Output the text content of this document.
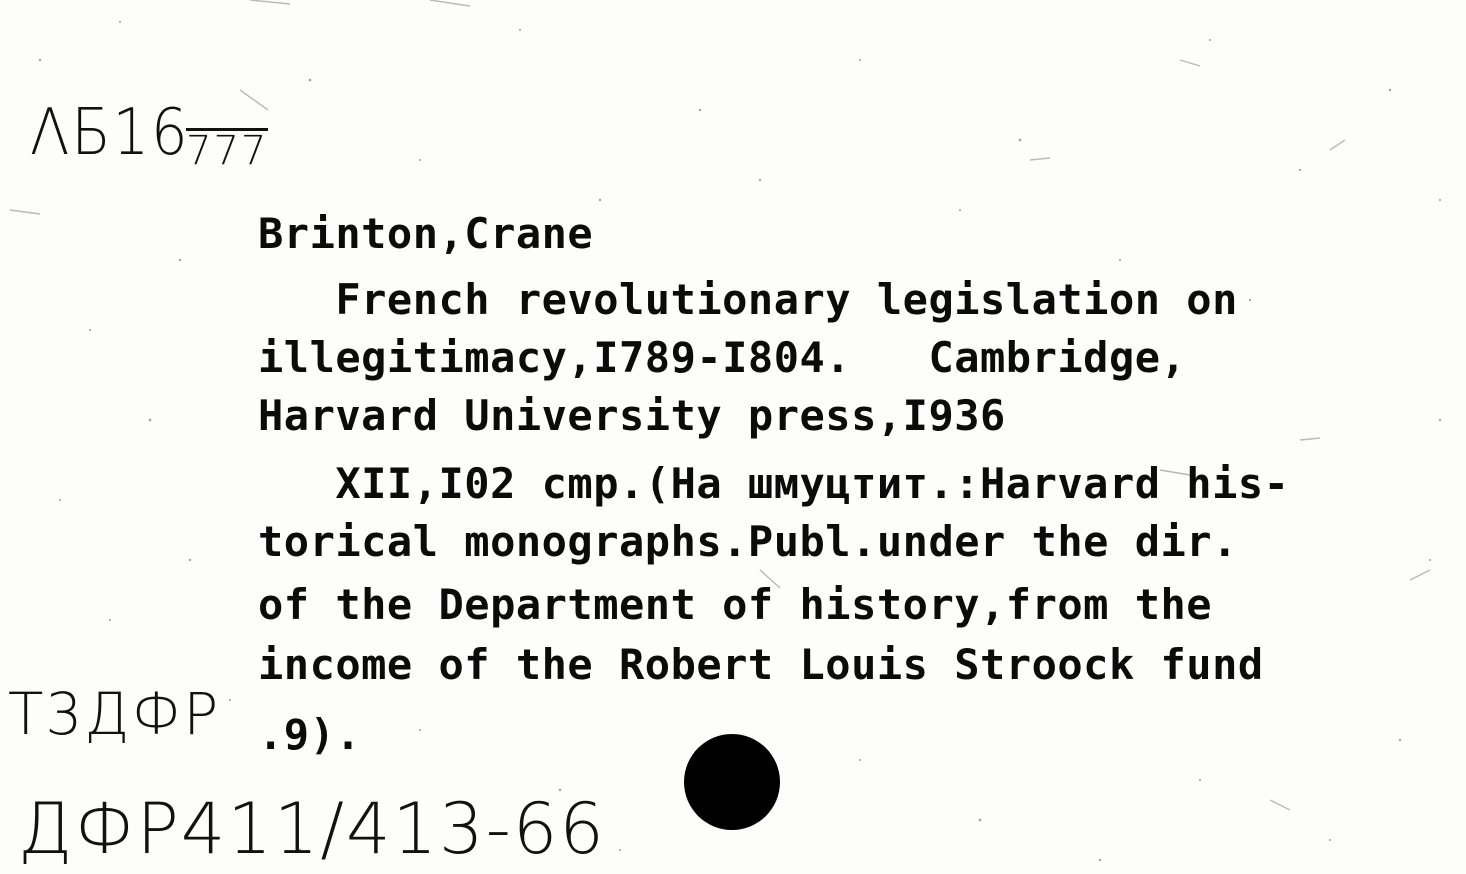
ΛБ16
777
Brinton,Crane
French revolutionary legislation on
illegitimacy,I789-I804.   Cambridge,
Harvard University press,I936
XII,I02 cmp.(На шмуцтит.:Harvard his-
torical monographs.Publ.under the dir.
of the Department of history,from the
income of the Robert Louis Stroock fund
.9).
Т3ДФР
ДФР411/413-66
